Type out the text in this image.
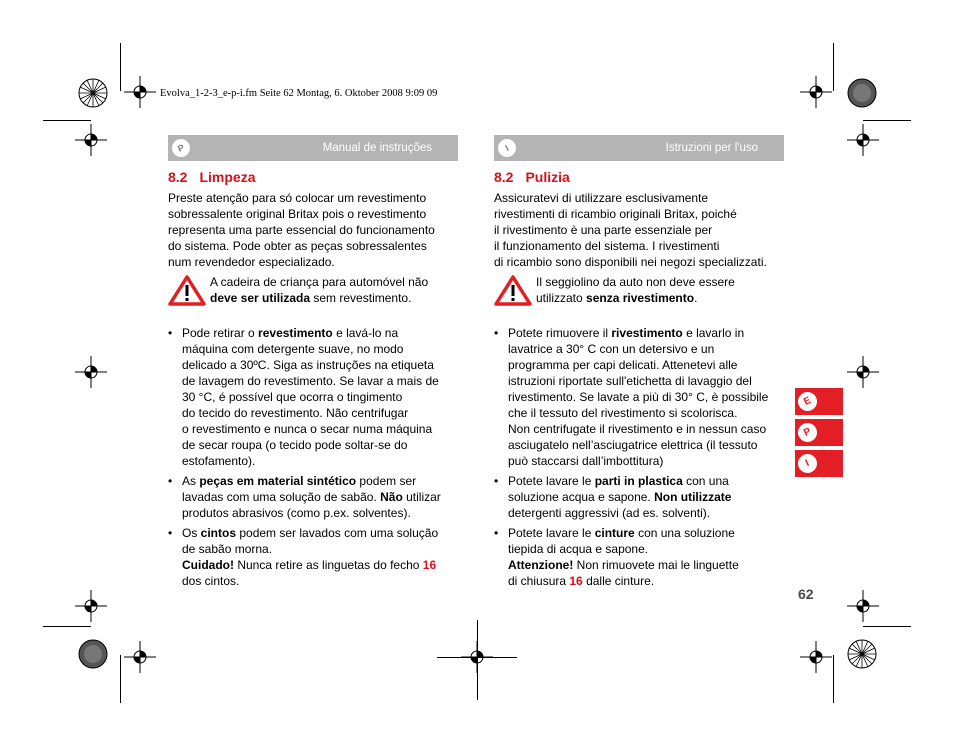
Evolva_1-2-3_e-p-i.fm Seite 62 Montag, 6. Oktober 2008 9:09 09
P	Manual de instruções
8.2 Limpeza
Preste atenção para só colocar um revestimento
sobressalente original Britax pois o revestimento
representa uma parte essencial do funcionamento
do sistema. Pode obter as peças sobressalentes
num revendedor especializado.
A cadeira de criança para automóvel não
deve ser utilizada sem revestimento.
• Pode retirar o revestimento e lavá-lo na
máquina com detergente suave, no modo
delicado a 30ºC. Siga as instruções na etiqueta
de lavagem do revestimento. Se lavar a mais de
30 °C, é possível que ocorra o tingimento
do tecido do revestimento. Não centrifugar
o revestimento e nunca o secar numa máquina
de secar roupa (o tecido pode soltar-se do
estofamento).
• As peças em material sintético podem ser
lavadas com uma solução de sabão. Não utilizar
produtos abrasivos (como p.ex. solventes).
• Os cintos podem ser lavados com uma solução
de sabão morna.
Cuidado! Nunca retire as linguetas do fecho 16
dos cintos.
I	Istruzioni per l'uso
8.2 Pulizia
Assicuratevi di utilizzare esclusivamente
rivestimenti di ricambio originali Britax, poiché
il rivestimento è una parte essenziale per
il funzionamento del sistema. I rivestimenti
di ricambio sono disponibili nei negozi specializzati.
Il seggiolino da auto non deve essere
utilizzato senza rivestimento.
• Potete rimuovere il rivestimento e lavarlo in
lavatrice a 30° C con un detersivo e un
programma per capi delicati. Attenetevi alle
istruzioni riportate sull'etichetta di lavaggio del
rivestimento. Se lavate a più di 30° C, è possibile
che il tessuto del rivestimento si scolorisca.
Non centrifugate il rivestimento e in nessun caso
asciugatelo nell’asciugatrice elettrica (il tessuto
può staccarsi dall’imbottitura)
• Potete lavare le parti in plastica con una
soluzione acqua e sapone. Non utilizzate
detergenti aggressivi (ad es. solventi).
• Potete lavare le cinture con una soluzione
tiepida di acqua e sapone.
Attenzione! Non rimuovete mai le linguette
di chiusura 16 dalle cinture.
E
P
I
62
